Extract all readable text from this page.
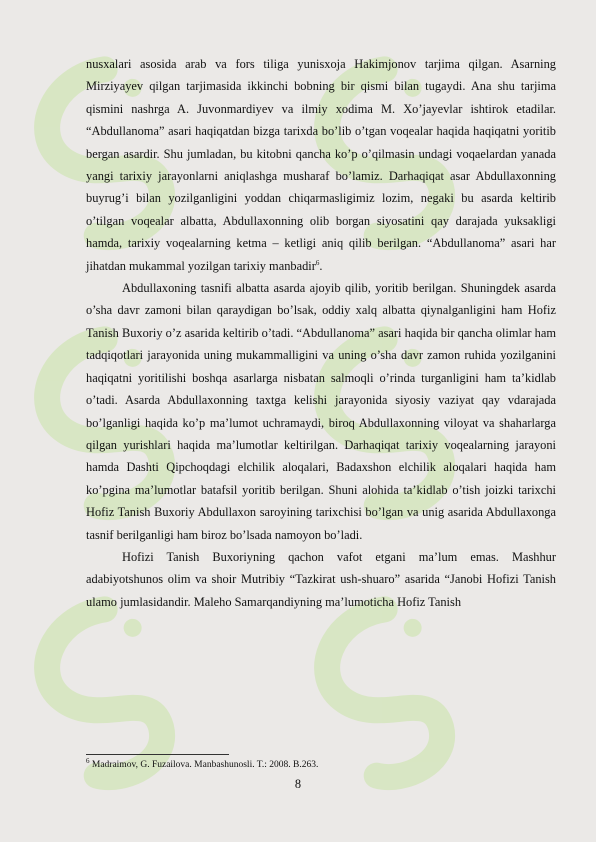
nusxalari asosida arab va fors tiliga yunisxoja Hakimjonov tarjima qilgan. Asarning Mirziyayev qilgan tarjimasida ikkinchi bobning bir qismi bilan tugaydi. Ana shu tarjima qismini nashrga A. Juvonmardiyev va ilmiy xodima M. Xo’jayevlar ishtirok etadilar. “Abdullanoma” asari haqiqatdan bizga tarixda bo’lib o’tgan voqealar haqida haqiqatni yoritib bergan asardir. Shu jumladan, bu kitobni qancha ko’p o’qilmasin undagi voqaelardan yanada yangi tarixiy jarayonlarni aniqlashga musharaf bo’lamiz. Darhaqiqat asar Abdullaxonning buyrug’i bilan yozilganligini yoddan chiqarmasligimiz lozim, negaki bu asarda keltirib o’tilgan voqealar albatta, Abdullaxonning olib borgan siyosatini qay darajada yuksakligi hamda, tarixiy voqealarning ketma – ketligi aniq qilib berilgan. “Abdullanoma” asari har jihatdan mukammal yozilgan tarixiy manbadir$^6$.

Abdullaxoning tasnifi albatta asarda ajoyib qilib, yoritib berilgan. Shuningdek asarda o’sha davr zamoni bilan qaraydigan bo’lsak, oddiy xalq albatta qiynalganligini ham Hofiz Tanish Buxoriy o’z asarida keltirib o’tadi. “Abdullanoma” asari haqida bir qancha olimlar ham tadqiqotlari jarayonida uning mukammalligini va uning o’sha davr zamon ruhida yozilganini haqiqatni yoritilishi boshqa asarlarga nisbatan salmoqli o’rinda turganligini ham ta’kidlab o’tadi. Asarda Abdullaxonning taxtga kelishi jarayonida siyosiy vaziyat qay vdarajada bo’lganligi haqida ko’p ma’lumot uchramaydi, biroq Abdullaxonning viloyat va shaharlarga qilgan yurishlari haqida ma’lumotlar keltirilgan. Darhaqiqat tarixiy voqealarning jarayoni hamda Dashti Qipchoqdagi elchilik aloqalari, Badaxshon elchilik aloqalari haqida ham ko’pgina ma’lumotlar batafsil yoritib berilgan. Shuni alohida ta’kidlab o’tish joizki tarixchi Hofiz Tanish Buxoriy Abdullaxon saroyining tarixchisi bo’lgan va unig asarida Abdullaxonga tasnif berilganligi ham biroz bo’lsada namoyon bo’ladi.

Hofizi Tanish Buxoriyning qachon vafot etgani ma’lum emas. Mashhur adabiyotshunos olim va shoir Mutribiy “Tazkirat ush-shuaro” asarida “Janobi Hofizi Tanish ulamo jumlasidandir. Maleho Samarqandiyning ma’lumoticha Hofiz Tanish

$^6$ Madraimov, G. Fuzailova. Manbashunosli. T.: 2008. B.263.
8
